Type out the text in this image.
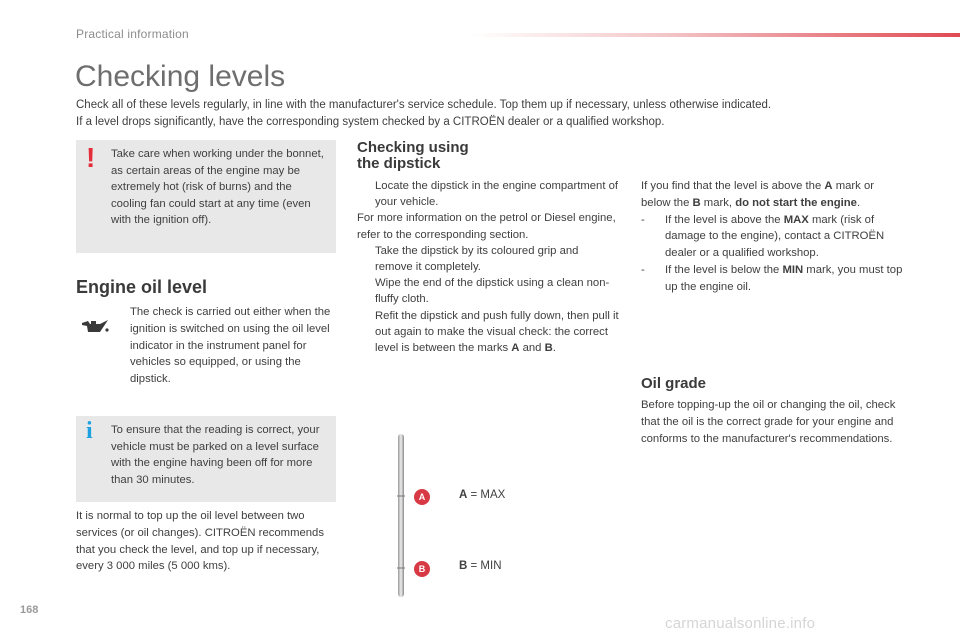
Practical information
Checking levels

Check all of these levels regularly, in line with the manufacturer's service schedule. Top them up if necessary, unless otherwise indicated.

If a level drops significantly, have the corresponding system checked by a CITROËN dealer or a qualified workshop.

! Take care when working under the bonnet, as certain areas of the engine may be extremely hot (risk of burns) and the cooling fan could start at any time (even with the ignition off).
Engine oil level
The check is carried out either when the ignition is switched on using the oil level indicator in the instrument panel for vehicles so equipped, or using the dipstick.
i To ensure that the reading is correct, your vehicle must be parked on a level surface with the engine having been off for more than 30 minutes.
It is normal to top up the oil level between two services (or oil changes). CITROËN recommends that you check the level, and top up if necessary, every 3 000 miles (5 000 kms).
Checking using
the dipstick
Locate the dipstick in the engine compartment of your vehicle.

For more information on the petrol or Diesel engine, refer to the corresponding section.

Take the dipstick by its coloured grip and remove it completely.
Wipe the end of the dipstick using a clean non-fluffy cloth.
Refit the dipstick and push fully down, then pull it out again to make the visual check: the correct level is between the marks A and B.
A
B
A = MAX
B = MIN
If you find that the level is above the A mark or below the B mark, do not start the engine.
- If the level is above the MAX mark (risk of damage to the engine), contact a CITROËN dealer or a qualified workshop.
- If the level is below the MIN mark, you must top up the engine oil.
Oil grade
Before topping-up the oil or changing the oil, check that the oil is the correct grade for your engine and conforms to the manufacturer's recommendations.
168
carmanualsonline.info
